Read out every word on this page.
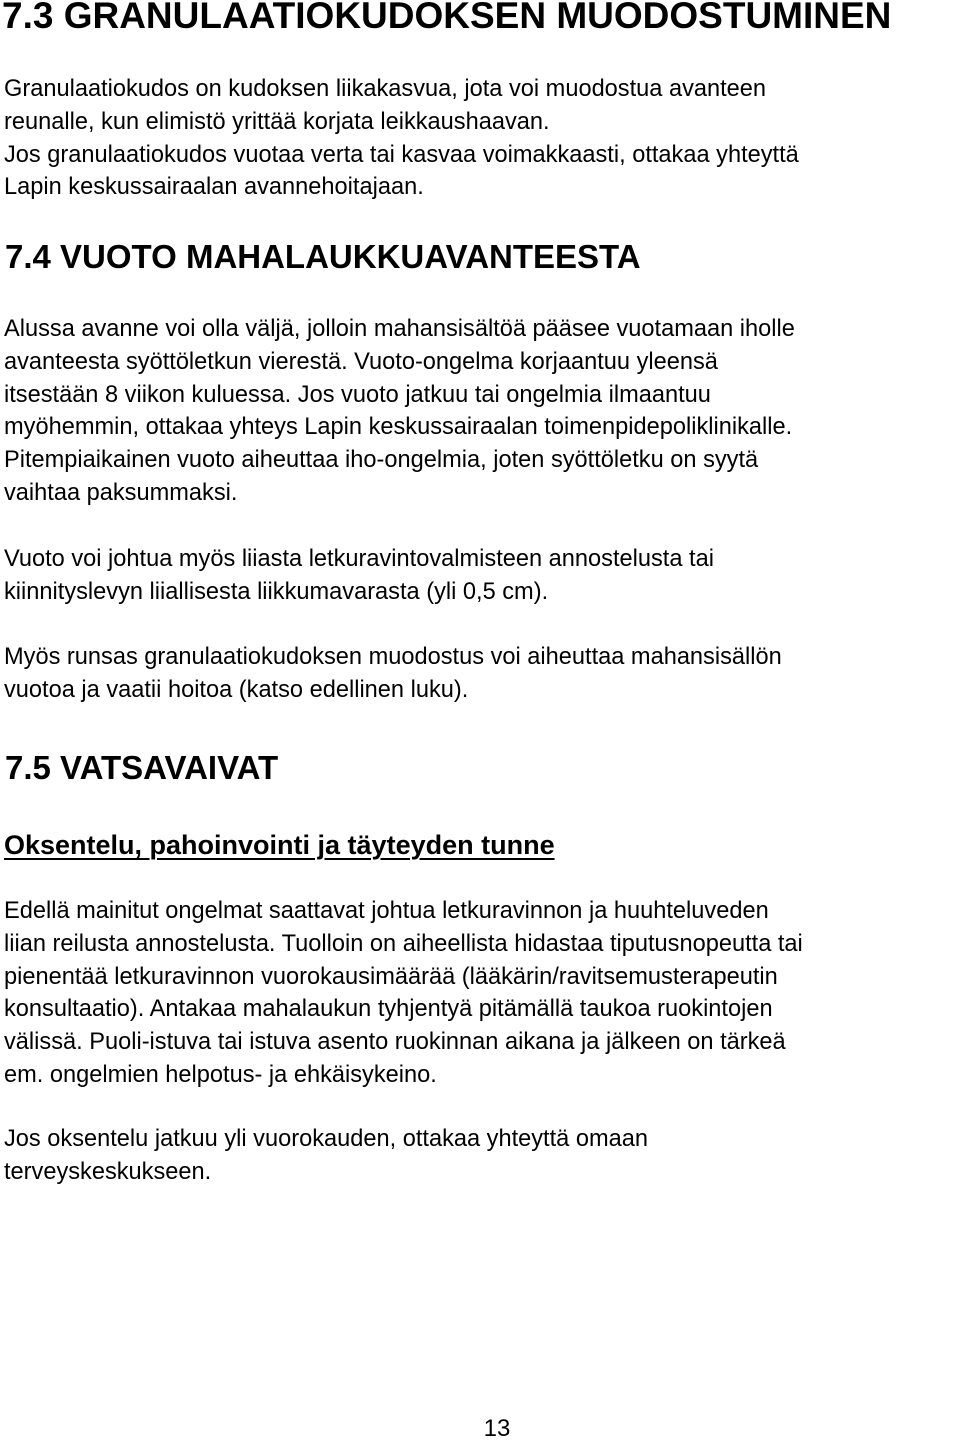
7.3 GRANULAATIOKUDOKSEN MUODOSTUMINEN

Granulaatiokudos on kudoksen liikakasvua, jota voi muodostua avanteen
reunalle, kun elimistö yrittää korjata leikkaushaavan.
Jos granulaatiokudos vuotaa verta tai kasvaa voimakkaasti, ottakaa yhteyttä
Lapin keskussairaalan avannehoitajaan.

7.4 VUOTO MAHALAUKKUAVANTEESTA

Alussa avanne voi olla väljä, jolloin mahansisältöä pääsee vuotamaan iholle
avanteesta syöttöletkun vierestä. Vuoto-ongelma korjaantuu yleensä
itsestään 8 viikon kuluessa. Jos vuoto jatkuu tai ongelmia ilmaantuu
myöhemmin, ottakaa yhteys Lapin keskussairaalan toimenpidepoliklinikalle.
Pitempiaikainen vuoto aiheuttaa iho-ongelmia, joten syöttöletku on syytä
vaihtaa paksummaksi.

Vuoto voi johtua myös liiasta letkuravintovalmisteen annostelusta tai
kiinnityslevyn liiallisesta liikkumavarasta (yli 0,5 cm).

Myös runsas granulaatiokudoksen muodostus voi aiheuttaa mahansisällön
vuotoa ja vaatii hoitoa (katso edellinen luku).

7.5 VATSAVAIVAT
Oksentelu, pahoinvointi ja täyteyden tunne

Edellä mainitut ongelmat saattavat johtua letkuravinnon ja huuhteluveden
liian reilusta annostelusta. Tuolloin on aiheellista hidastaa tiputusnopeutta tai
pienentää letkuravinnon vuorokausimäärää (lääkärin/ravitsemusterapeutin
konsultaatio). Antakaa mahalaukun tyhjentyä pitämällä taukoa ruokintojen
välissä. Puoli-istuva tai istuva asento ruokinnan aikana ja jälkeen on tärkeä
em. ongelmien helpotus- ja ehkäisykeino.

Jos oksentelu jatkuu yli vuorokauden, ottakaa yhteyttä omaan
terveyskeskukseen.

13
